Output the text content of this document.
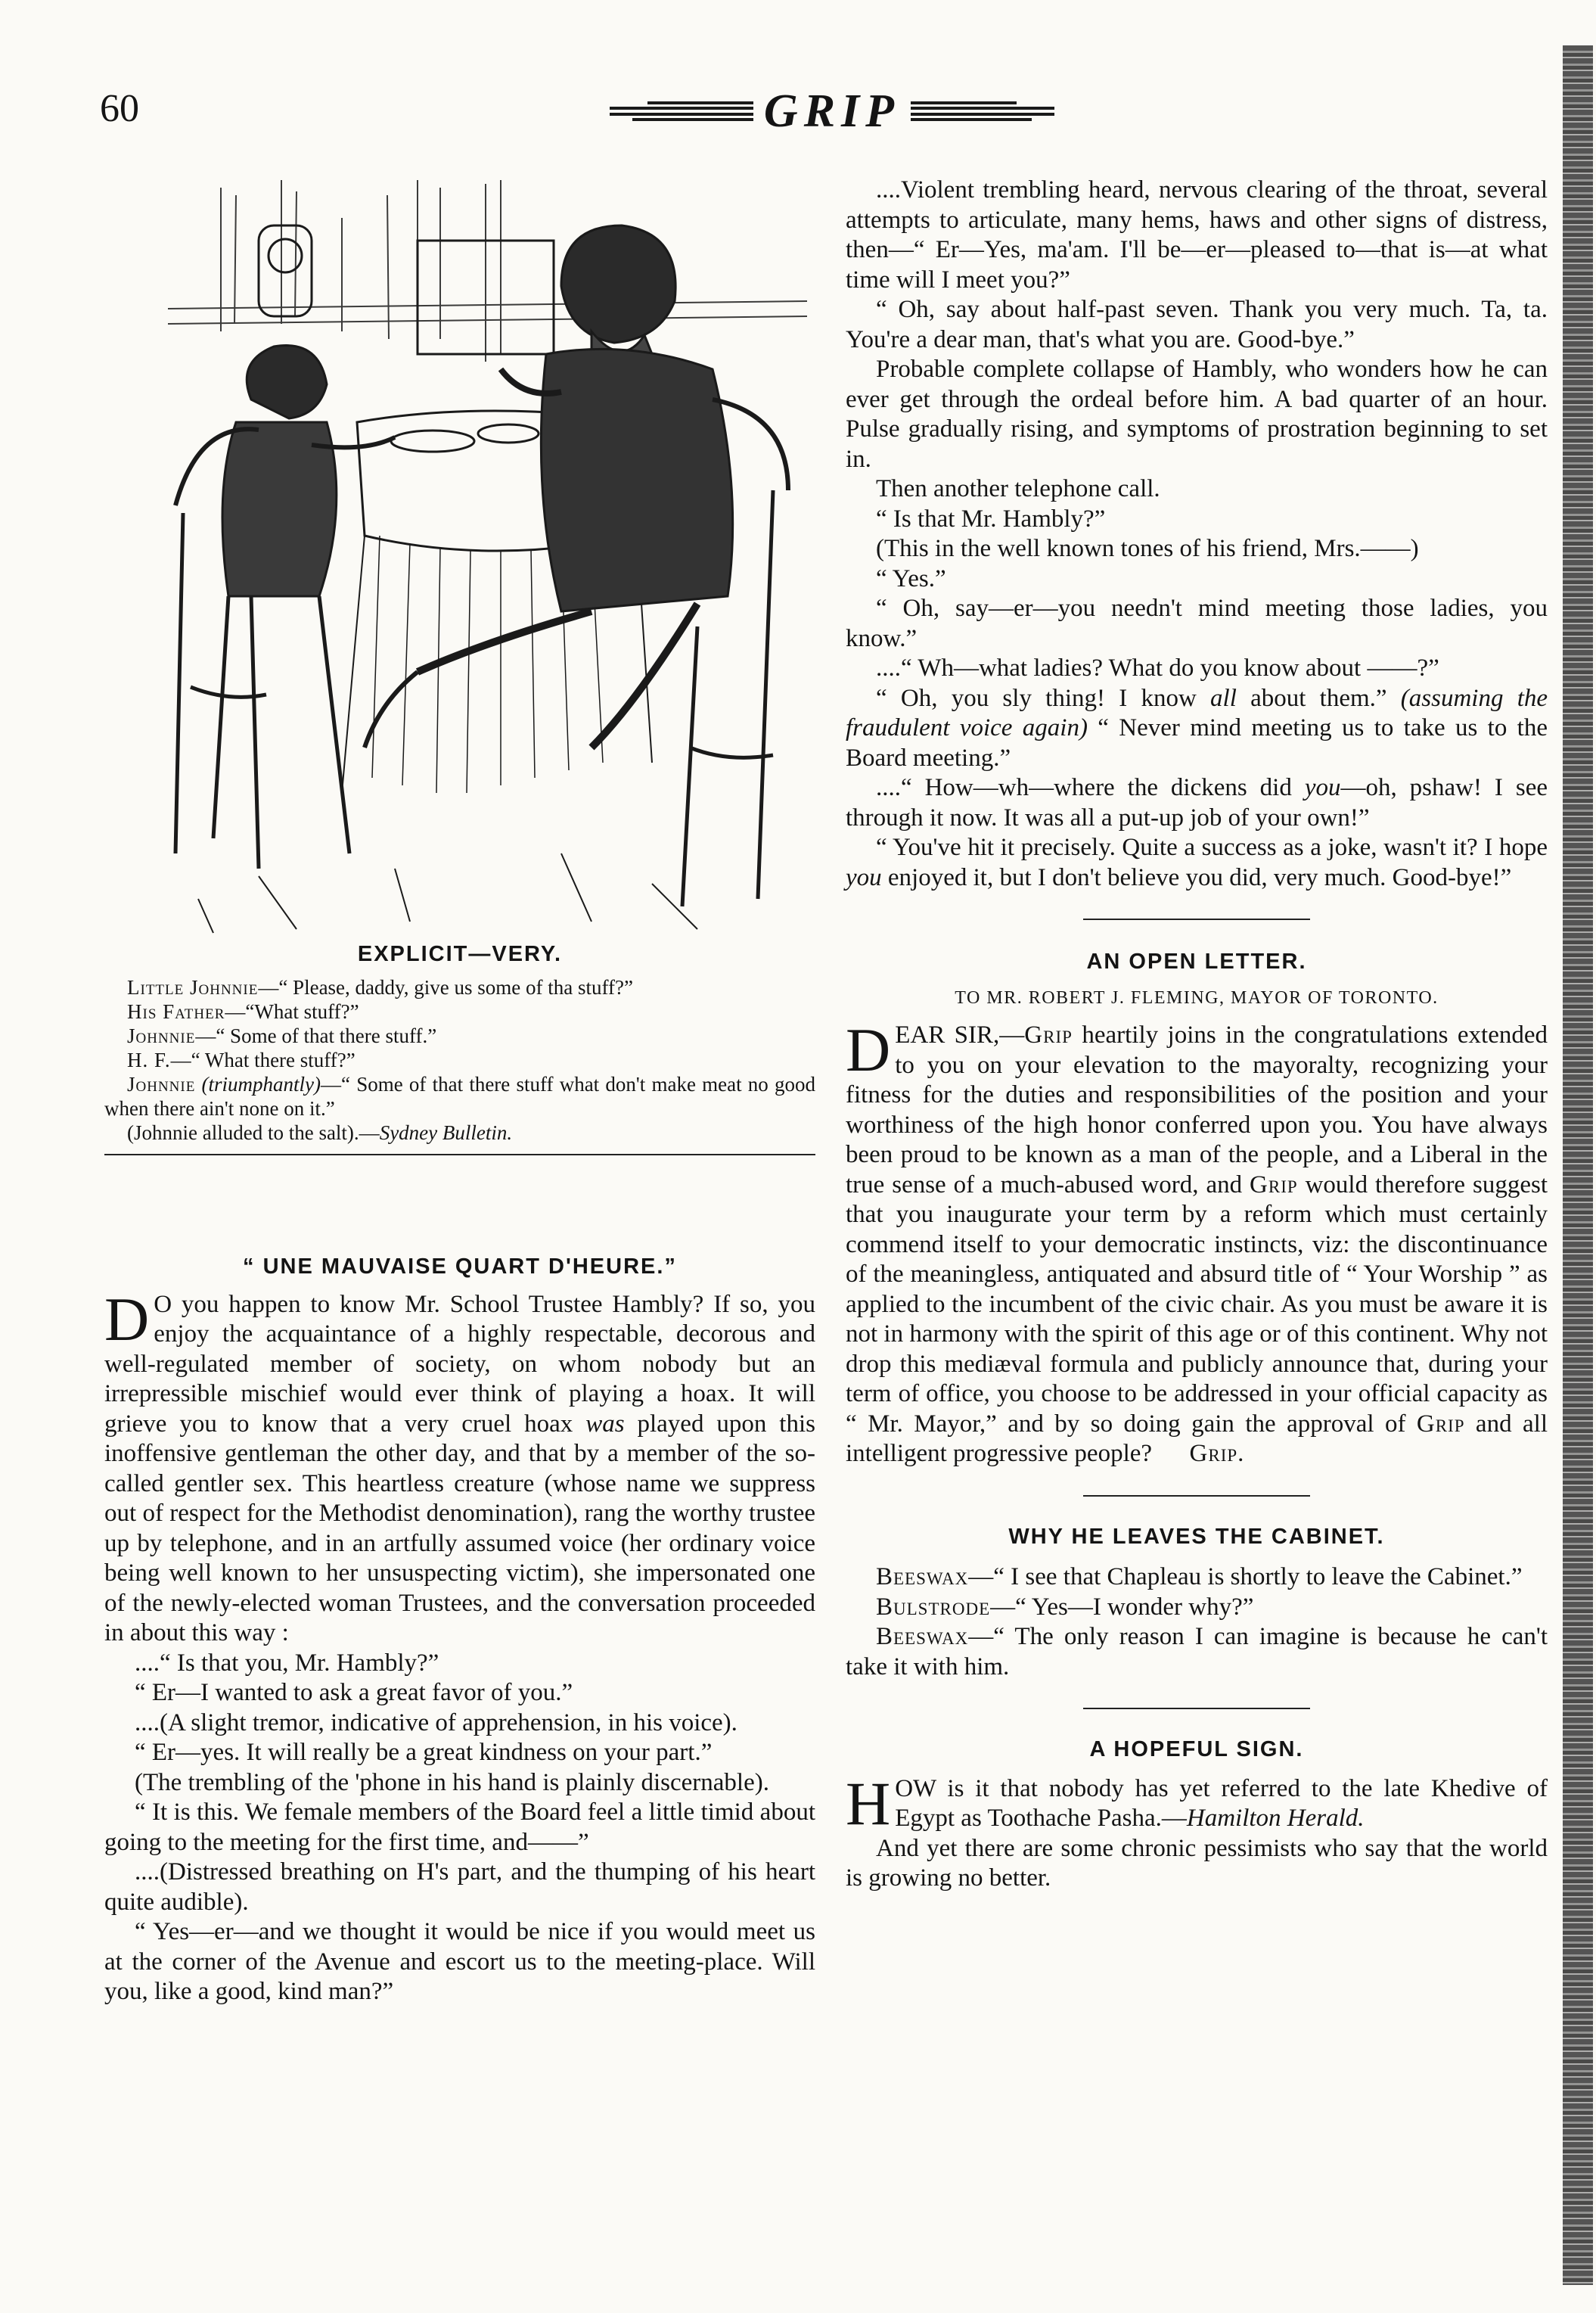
60	GRIP
EXPLICIT—VERY.

Little Johnnie—“ Please, daddy, give us some of tha stuff?”

His Father—“What stuff?”

Johnnie—“ Some of that there stuff.”

H. F.—“ What there stuff?”

Johnnie (triumphantly)—“ Some of that there stuff what don't make meat no good when there ain't none on it.”

(Johnnie alluded to the salt).—Sydney Bulletin.

“ UNE MAUVAISE QUART D'HEURE.”

D O you happen to know Mr. School Trustee Hambly? If so, you enjoy the acquaintance of a highly respectable, decorous and well-regulated member of society, on whom nobody but an irrepressible mischief would ever think of playing a hoax. It will grieve you to know that a very cruel hoax was played upon this inoffensive gentleman the other day, and that by a member of the so-called gentler sex. This heartless creature (whose name we suppress out of respect for the Methodist denomination), rang the worthy trustee up by telephone, and in an artfully assumed voice (her ordinary voice being well known to her unsuspecting victim), she impersonated one of the newly-elected woman Trustees, and the conversation proceeded in about this way :

....“ Is that you, Mr. Hambly?”

“ Er—I wanted to ask a great favor of you.”

....(A slight tremor, indicative of apprehension, in his voice).

“ Er—yes. It will really be a great kindness on your part.”

(The trembling of the 'phone in his hand is plainly discernable).

“ It is this. We female members of the Board feel a little timid about going to the meeting for the first time, and——”

....(Distressed breathing on H's part, and the thumping of his heart quite audible).

“ Yes—er—and we thought it would be nice if you would meet us at the corner of the Avenue and escort us to the meeting-place. Will you, like a good, kind man?”

....Violent trembling heard, nervous clearing of the throat, several attempts to articulate, many hems, haws and other signs of distress, then—“ Er—Yes, ma'am. I'll be—er—pleased to—that is—at what time will I meet you?”

“ Oh, say about half-past seven. Thank you very much. Ta, ta. You're a dear man, that's what you are. Good-bye.”

Probable complete collapse of Hambly, who wonders how he can ever get through the ordeal before him. A bad quarter of an hour. Pulse gradually rising, and symptoms of prostration beginning to set in.

Then another telephone call.

“ Is that Mr. Hambly?”

(This in the well known tones of his friend, Mrs.——)

“ Yes.”

“ Oh, say—er—you needn't mind meeting those ladies, you know.”

....“ Wh—what ladies? What do you know about ——?”

“ Oh, you sly thing! I know all about them.” (assuming the fraudulent voice again) “ Never mind meeting us to take us to the Board meeting.”

....“ How—wh—where the dickens did you—oh, pshaw! I see through it now. It was all a put-up job of your own!”

“ You've hit it precisely. Quite a success as a joke, wasn't it? I hope you enjoyed it, but I don't believe you did, very much. Good-bye!”

AN OPEN LETTER.
TO MR. ROBERT J. FLEMING, MAYOR OF TORONTO.

DEAR SIR,—Grip heartily joins in the congratulations extended to you on your elevation to the mayoralty, recognizing your fitness for the duties and responsibilities of the position and your worthiness of the high honor conferred upon you. You have always been proud to be known as a man of the people, and a Liberal in the true sense of a much-abused word, and Grip would therefore suggest that you inaugurate your term by a reform which must certainly commend itself to your democratic instincts, viz: the discontinuance of the meaningless, antiquated and absurd title of “ Your Worship ” as applied to the incumbent of the civic chair. As you must be aware it is not in harmony with the spirit of this age or of this continent. Why not drop this mediæval formula and publicly announce that, during your term of office, you choose to be addressed in your official capacity as “ Mr. Mayor,” and by so doing gain the approval of Grip and all intelligent progressive people? Grip.

WHY HE LEAVES THE CABINET.

Beeswax—“ I see that Chapleau is shortly to leave the Cabinet.”

Bulstrode—“ Yes—I wonder why?”

Beeswax—“ The only reason I can imagine is because he can't take it with him.

A HOPEFUL SIGN.

HOW is it that nobody has yet referred to the late Khedive of Egypt as Toothache Pasha.—Hamilton Herald.

And yet there are some chronic pessimists who say that the world is growing no better.
